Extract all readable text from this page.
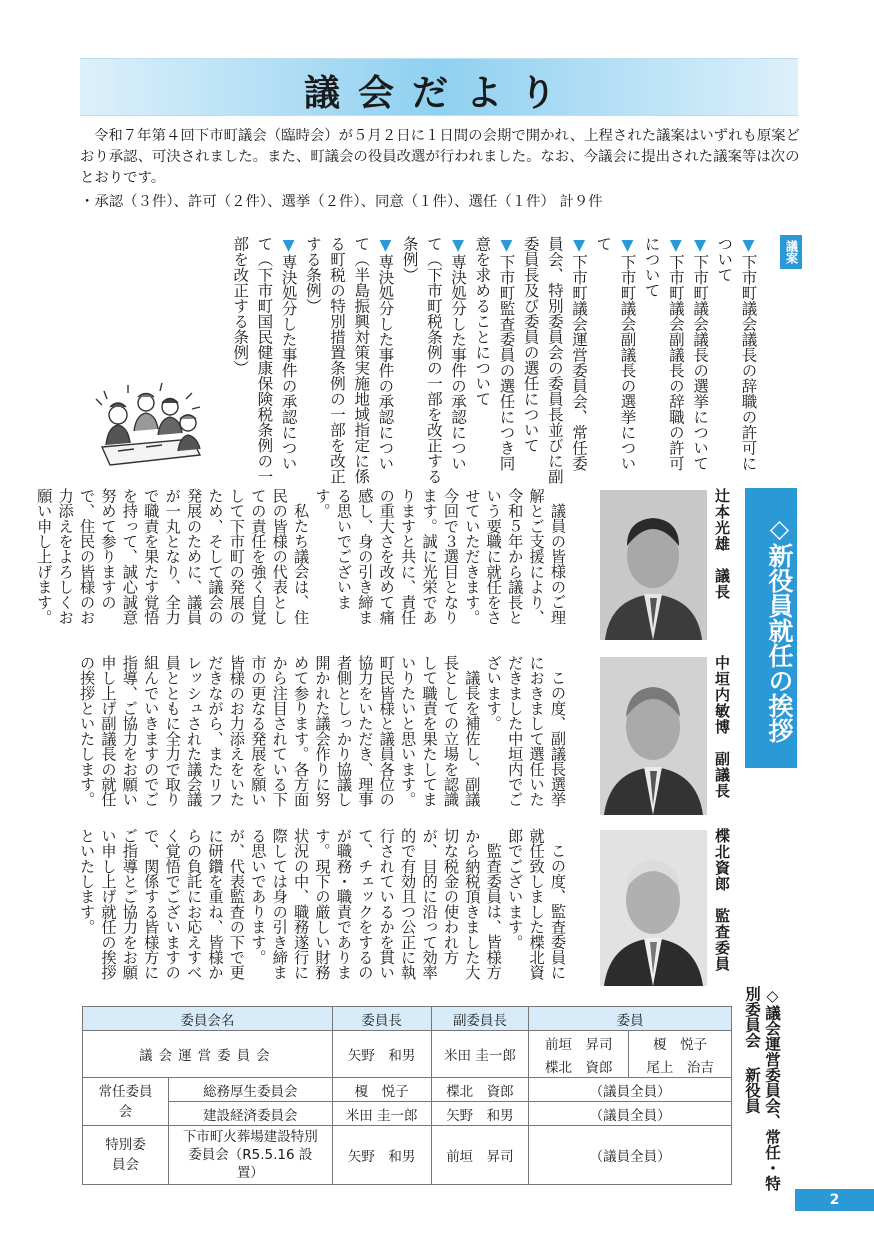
議会だより

令和７年第４回下市町議会（臨時会）が５月２日に１日間の会期で開かれ、上程された議案はいずれも原案どおり承認、可決されました。また、町議会の役員改選が行われました。なお、今議会に提出された議案等は次のとおりです。

・承認（３件）、許可（２件）、選挙（２件）、同意（１件）、選任（１件） 計９件
議案
▼下市町議会議長の辞職の許可について
▼下市町議会議長の選挙について
▼下市町議会副議長の辞職の許可について
▼下市町議会副議長の選挙について
▼下市町議会運営委員会、常任委員会、特別委員会の委員長並びに副委員長及び委員の選任について
▼下市町監査委員の選任につき同意を求めることについて
▼専決処分した事件の承認について（下市町税条例の一部を改正する条例）
▼専決処分した事件の承認について（半島振興対策実施地域指定に係る町税の特別措置条例の一部を改正する条例）
▼専決処分した事件の承認について（下市町国民健康保険税条例の一部を改正する条例）
◇新役員就任の挨拶
辻本光雄　議長

議員の皆様のご理解とご支援により、令和５年から議長という要職に就任をさせていただきます。今回で３選目となります。誠に光栄でありますと共に、責任の重大さを改めて痛感し、身の引き締まる思いでございます。

私たち議会は、住民の皆様の代表としての責任を強く自覚して下市町の発展のため、そして議会の発展のために、議員が一丸となり、全力で職責を果たす覚悟を持って、誠心誠意努めて参りますので、住民の皆様のお力添えをよろしくお願い申し上げます。

中垣内敏博　副議長

この度、副議長選挙におきまして選任いただきました中垣内でございます。

議長を補佐し、副議長としての立場を認識して職責を果たしてまいりたいと思います。町民皆様と議員各位の協力をいただき、理事者側としっかり協議し開かれた議会作りに努めて参ります。各方面から注目されている下市の更なる発展を願い皆様のお力添えをいただきながら、またリフレッシュされた議会議員とともに全力で取り組んでいきますのでご指導、ご協力をお願い申し上げ副議長の就任の挨拶といたします。

楪北資郎　監査委員

この度、監査委員に就任致しました楪北資郎でございます。

監査委員は、皆様方から納税頂きました大切な税金の使われ方が、目的に沿って効率的で有効且つ公正に執行されているかを貫いて、チェックをするのが職務・職責であります。現下の厳しい財務状況の中、職務遂行に際しては身の引き締まる思いであります。が、代表監査の下で更に研鑽を重ね、皆様からの負託にお応えすべく覚悟でございますので、関係する皆様方にご指導とご協力をお願い申し上げ就任の挨拶といたします。

◇議会運営委員会、常任・特別委員会 新役員
委員会名		委員長	副委員長	委員	
議会運営委員会		矢野　和男	米田 圭一郎	前垣　昇司	榎　悦子
				楪北　資郎	尾上　治吉
常任委員会	総務厚生委員会	榎　悦子	楪北　資郎	（議員全員）	
	建設経済委員会	米田 圭一郎	矢野　和男	（議員全員）	
特別委員会	下市町火葬場建設特別委員会（R5.5.16 設置）	矢野　和男	前垣　昇司	（議員全員）	
2
